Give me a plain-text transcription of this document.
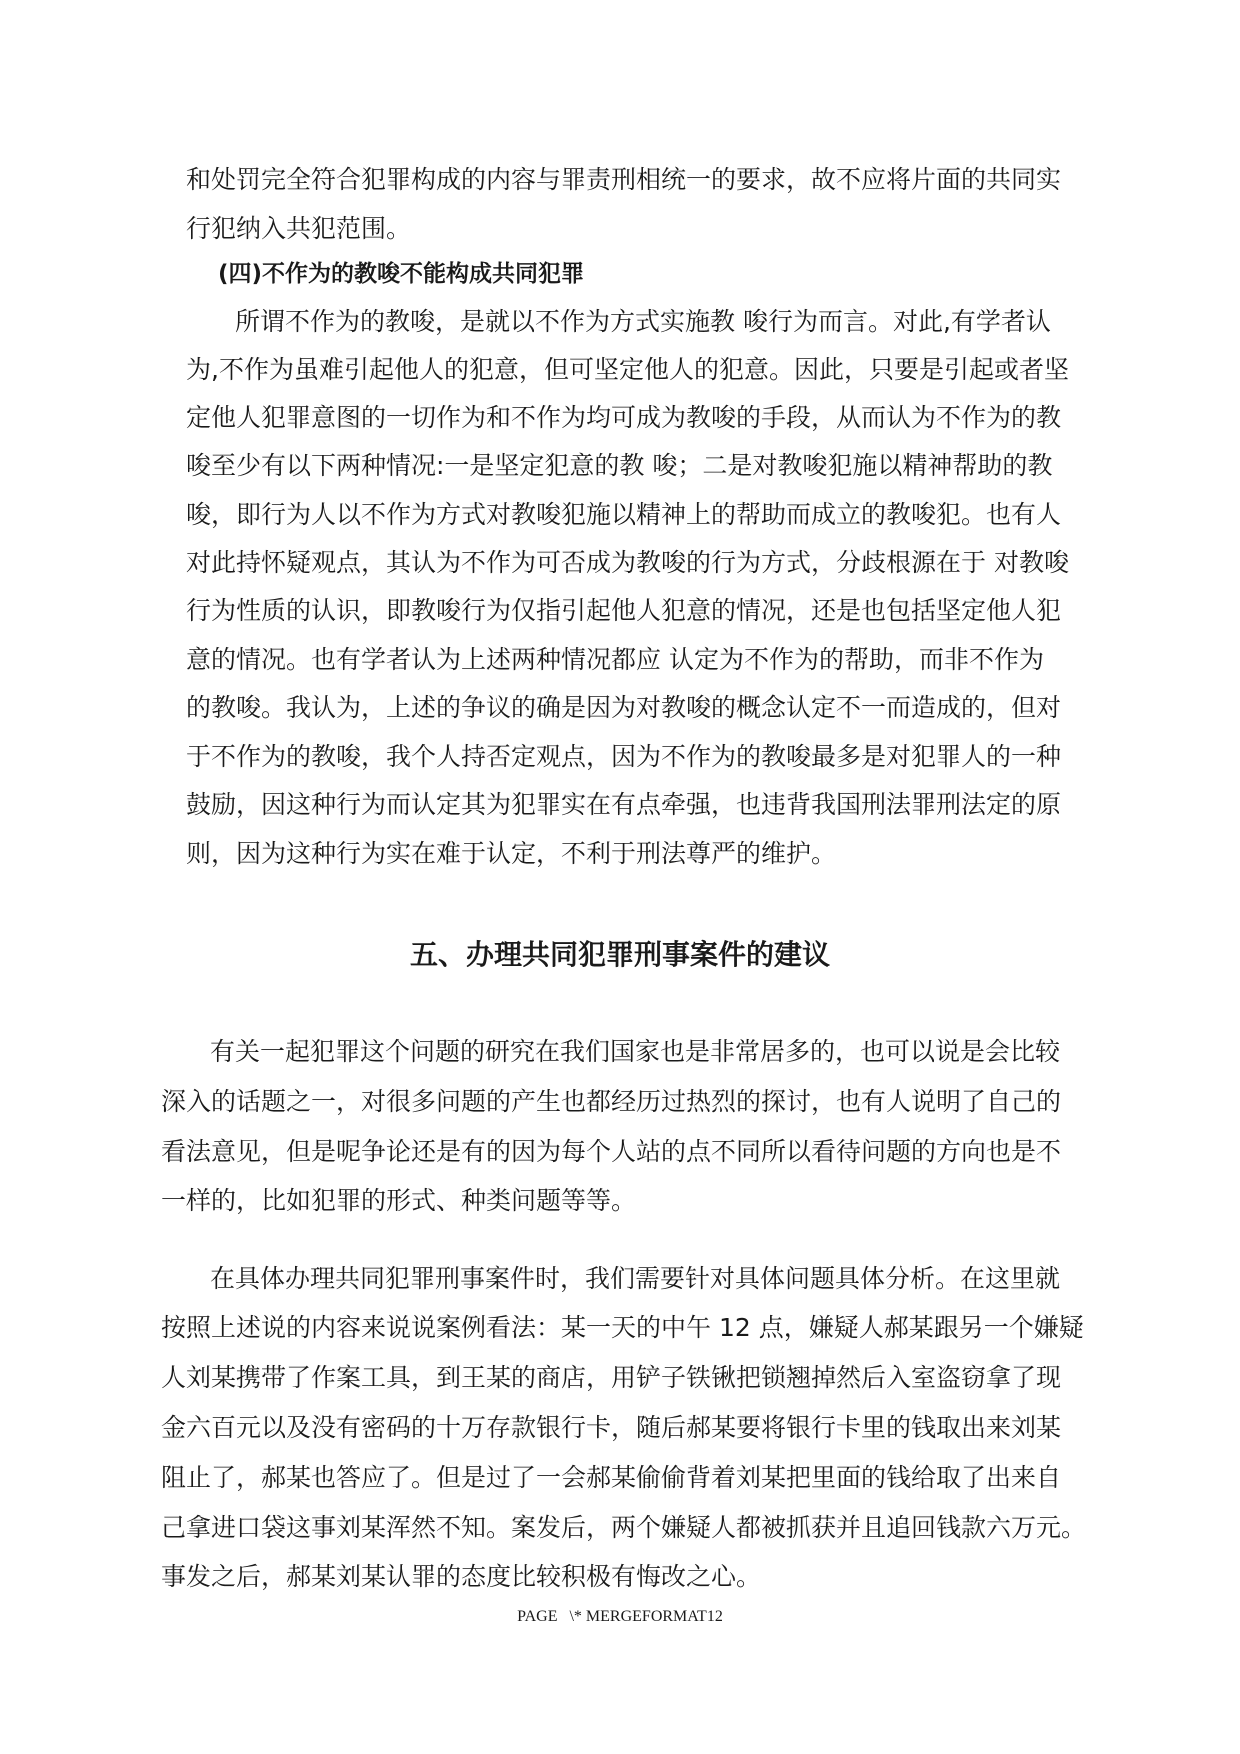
和处罚完全符合犯罪构成的内容与罪责刑相统一的要求，故不应将片面的共同实
行犯纳入共犯范围。
(四)不作为的教唆不能构成共同犯罪
所谓不作为的教唆，是就以不作为方式实施教 唆行为而言。对此,有学者认
为,不作为虽难引起他人的犯意，但可坚定他人的犯意。因此，只要是引起或者坚
定他人犯罪意图的一切作为和不作为均可成为教唆的手段，从而认为不作为的教
唆至少有以下两种情况:一是坚定犯意的教 唆；二是对教唆犯施以精神帮助的教
唆，即行为人以不作为方式对教唆犯施以精神上的帮助而成立的教唆犯。也有人
对此持怀疑观点，其认为不作为可否成为教唆的行为方式，分歧根源在于 对教唆
行为性质的认识，即教唆行为仅指引起他人犯意的情况，还是也包括坚定他人犯
意的情况。也有学者认为上述两种情况都应 认定为不作为的帮助，而非不作为
的教唆。我认为，上述的争议的确是因为对教唆的概念认定不一而造成的，但对
于不作为的教唆，我个人持否定观点，因为不作为的教唆最多是对犯罪人的一种
鼓励，因这种行为而认定其为犯罪实在有点牵强，也违背我国刑法罪刑法定的原
则，因为这种行为实在难于认定，不利于刑法尊严的维护。
五、办理共同犯罪刑事案件的建议
有关一起犯罪这个问题的研究在我们国家也是非常居多的，也可以说是会比较
深入的话题之一，对很多问题的产生也都经历过热烈的探讨，也有人说明了自己的
看法意见，但是呢争论还是有的因为每个人站的点不同所以看待问题的方向也是不
一样的，比如犯罪的形式、种类问题等等。
在具体办理共同犯罪刑事案件时，我们需要针对具体问题具体分析。在这里就
按照上述说的内容来说说案例看法：某一天的中午 12 点，嫌疑人郝某跟另一个嫌疑
人刘某携带了作案工具，到王某的商店，用铲子铁锹把锁翘掉然后入室盗窃拿了现
金六百元以及没有密码的十万存款银行卡，随后郝某要将银行卡里的钱取出来刘某
阻止了，郝某也答应了。但是过了一会郝某偷偷背着刘某把里面的钱给取了出来自
己拿进口袋这事刘某浑然不知。案发后，两个嫌疑人都被抓获并且追回钱款六万元。
事发之后，郝某刘某认罪的态度比较积极有悔改之心。
PAGE   \* MERGEFORMAT12
